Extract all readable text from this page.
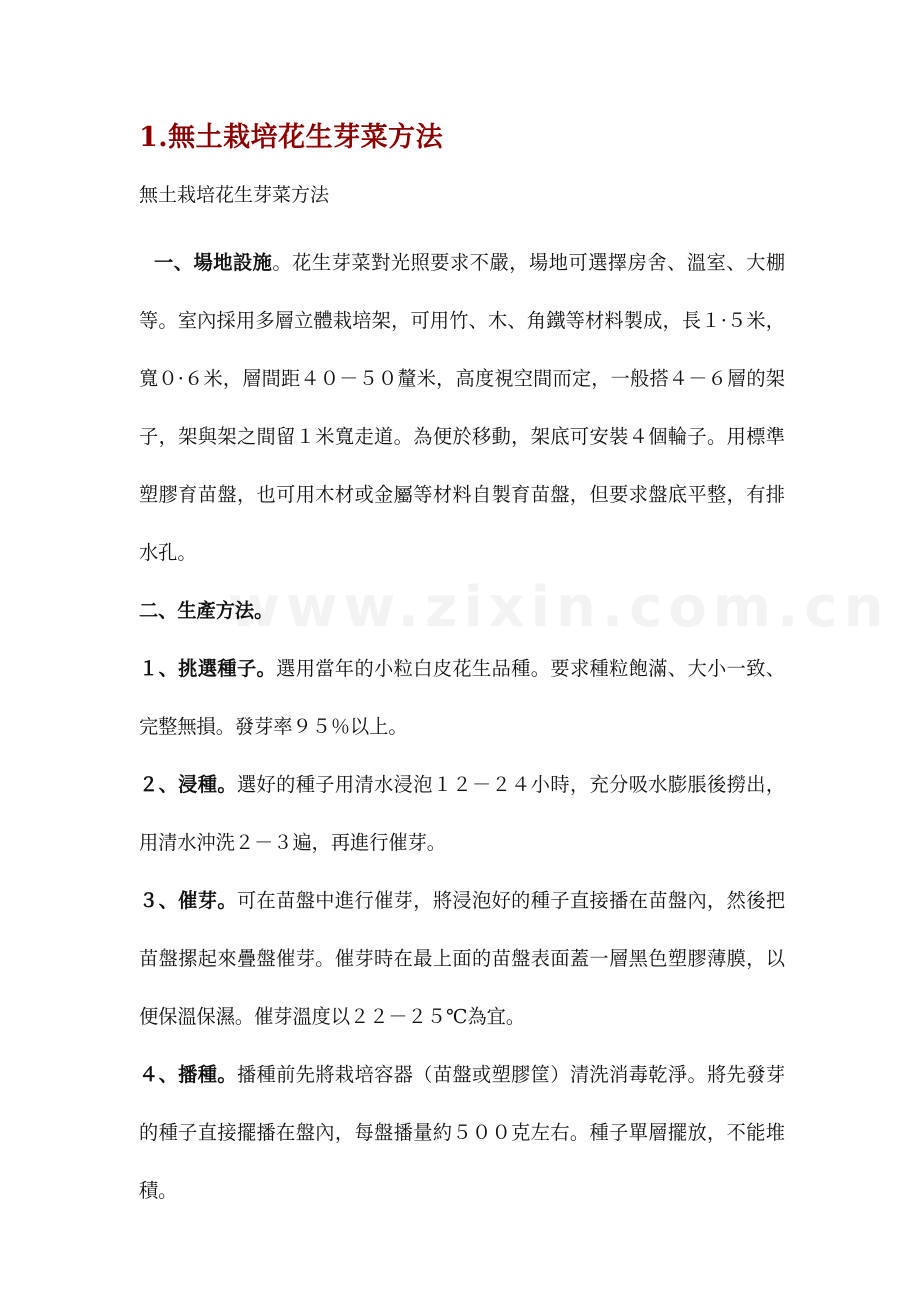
1.無土栽培花生芽菜方法

無土栽培花生芽菜方法

一、場地設施。花生芽菜對光照要求不嚴，場地可選擇房舍、溫室、大棚等。室內採用多層立體栽培架，可用竹、木、角鐵等材料製成，長１·５米，寬０·６米，層間距４０－５０釐米，高度視空間而定，一般搭４－６層的架子，架與架之間留１米寬走道。為便於移動，架底可安裝４個輪子。用標準塑膠育苗盤，也可用木材或金屬等材料自製育苗盤，但要求盤底平整，有排水孔。

二、生產方法。

１、挑選種子。選用當年的小粒白皮花生品種。要求種粒飽滿、大小一致、完整無損。發芽率９５％以上。

２、浸種。選好的種子用清水浸泡１２－２４小時，充分吸水膨脹後撈出，用清水沖洗２－３遍，再進行催芽。

３、催芽。可在苗盤中進行催芽，將浸泡好的種子直接播在苗盤內，然後把苗盤摞起來疊盤催芽。催芽時在最上面的苗盤表面蓋一層黑色塑膠薄膜，以便保溫保濕。催芽溫度以２２－２５℃為宜。

４、播種。播種前先將栽培容器（苗盤或塑膠筐）清洗消毒乾淨。將先發芽的種子直接擺播在盤內，每盤播量約５００克左右。種子單層擺放，不能堆積。
